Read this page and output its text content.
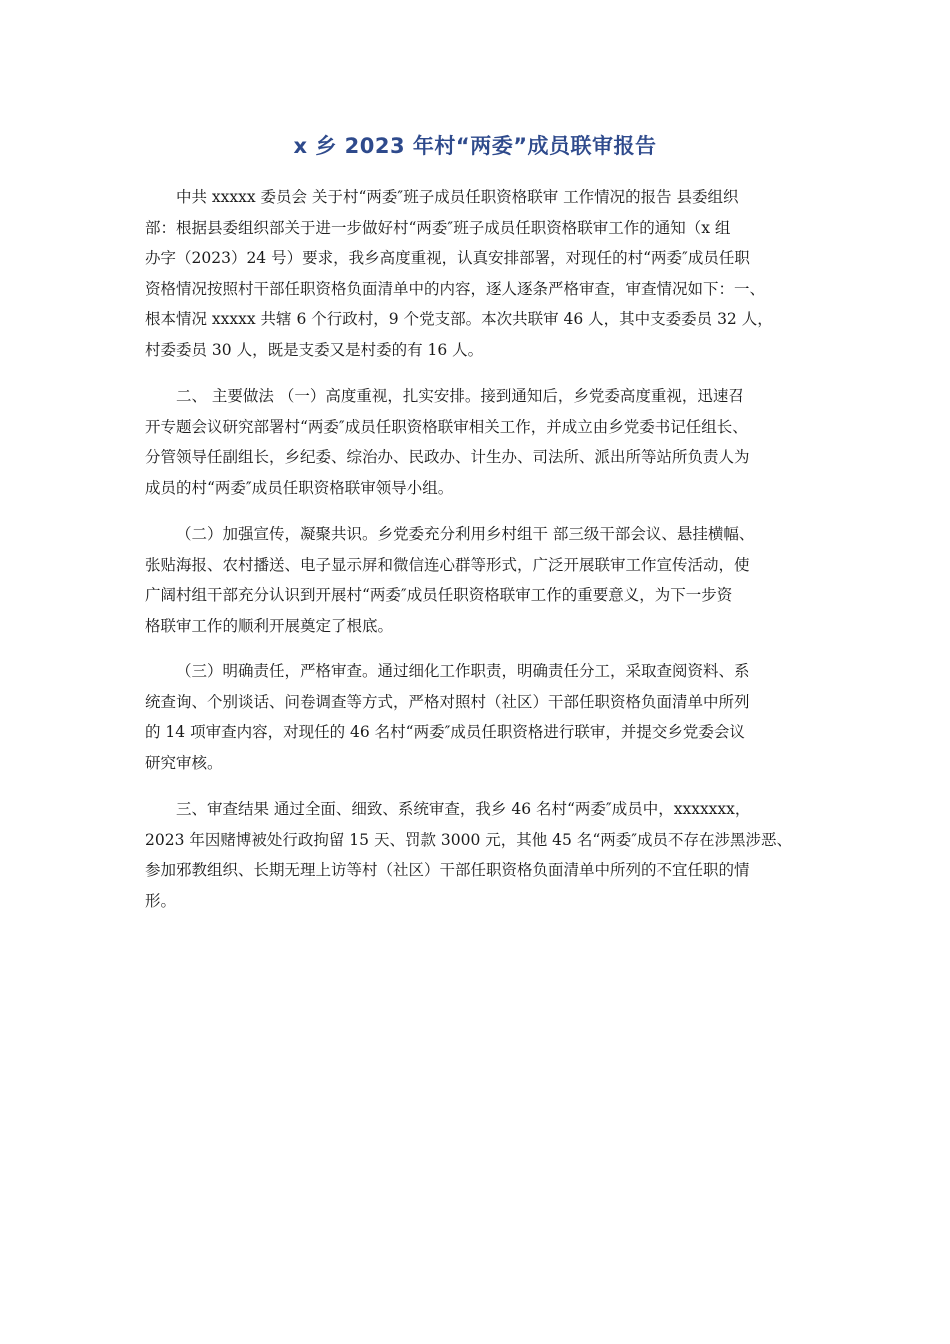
x 乡 2023 年村“两委”成员联审报告
中共 xxxxx 委员会 关于村“两委″班子成员任职资格联审 工作情况的报告 县委组织
部：根据县委组织部关于进一步做好村“两委″班子成员任职资格联审工作的通知（x 组
办字（2023）24 号）要求，我乡高度重视，认真安排部署，对现任的村“两委″成员任职
资格情况按照村干部任职资格负面清单中的内容，逐人逐条严格审查，审查情况如下：一、
根本情况 xxxxx 共辖 6 个行政村，9 个党支部。本次共联审 46 人，其中支委委员 32 人，
村委委员 30 人，既是支委又是村委的有 16 人。
二、 主要做法 （一）高度重视，扎实安排。接到通知后，乡党委高度重视，迅速召
开专题会议研究部署村“两委″成员任职资格联审相关工作，并成立由乡党委书记任组长、
分管领导任副组长，乡纪委、综治办、民政办、计生办、司法所、派出所等站所负责人为
成员的村“两委″成员任职资格联审领导小组。
（二）加强宣传，凝聚共识。乡党委充分利用乡村组干 部三级干部会议、悬挂横幅、
张贴海报、农村播送、电子显示屏和微信连心群等形式，广泛开展联审工作宣传活动，使
广阔村组干部充分认识到开展村“两委″成员任职资格联审工作的重要意义，为下一步资
格联审工作的顺利开展奠定了根底。
（三）明确责任，严格审查。通过细化工作职责，明确责任分工，采取查阅资料、系
统查询、个别谈话、问卷调查等方式，严格对照村（社区）干部任职资格负面清单中所列
的 14 项审查内容，对现任的 46 名村“两委″成员任职资格进行联审，并提交乡党委会议
研究审核。
三、审查结果 通过全面、细致、系统审查，我乡 46 名村“两委″成员中，xxxxxxx，
2023 年因赌博被处行政拘留 15 天、罚款 3000 元，其他 45 名“两委″成员不存在涉黑涉恶、
参加邪教组织、长期无理上访等村（社区）干部任职资格负面清单中所列的不宜任职的情
形。
